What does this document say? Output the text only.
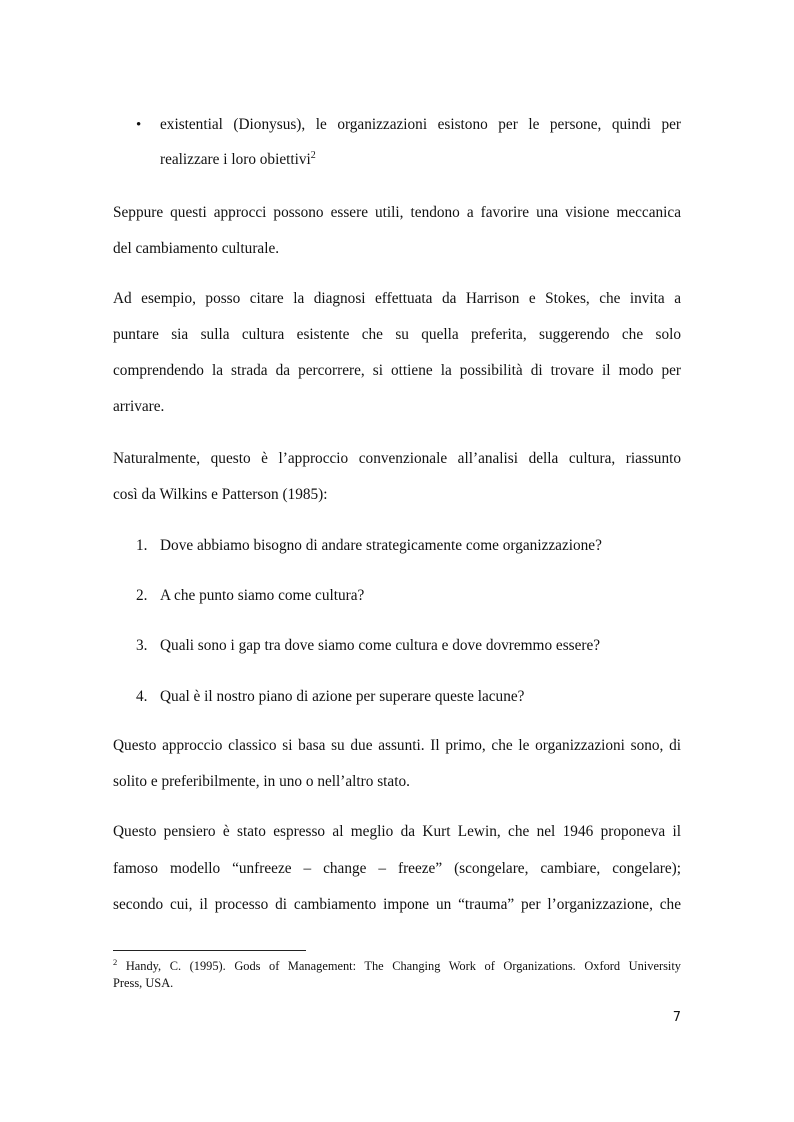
• existential (Dionysus), le organizzazioni esistono per le persone, quindi per
realizzare i loro obiettivi$^2$
Seppure questi approcci possono essere utili, tendono a favorire una visione meccanica
del cambiamento culturale.
Ad esempio, posso citare la diagnosi effettuata da Harrison e Stokes, che invita a
puntare sia sulla cultura esistente che su quella preferita, suggerendo che solo
comprendendo la strada da percorrere, si ottiene la possibilità di trovare il modo per
arrivare.
Naturalmente, questo è l’approccio convenzionale all’analisi della cultura, riassunto
così da Wilkins e Patterson (1985):
1. Dove abbiamo bisogno di andare strategicamente come organizzazione?
2. A che punto siamo come cultura?
3. Quali sono i gap tra dove siamo come cultura e dove dovremmo essere?
4. Qual è il nostro piano di azione per superare queste lacune?
Questo approccio classico si basa su due assunti. Il primo, che le organizzazioni sono, di
solito e preferibilmente, in uno o nell’altro stato.
Questo pensiero è stato espresso al meglio da Kurt Lewin, che nel 1946 proponeva il
famoso modello “unfreeze – change – freeze” (scongelare, cambiare, congelare);
secondo cui, il processo di cambiamento impone un “trauma” per l’organizzazione, che
$^2$ Handy, C. (1995). Gods of Management: The Changing Work of Organizations. Oxford University
Press, USA.
7
